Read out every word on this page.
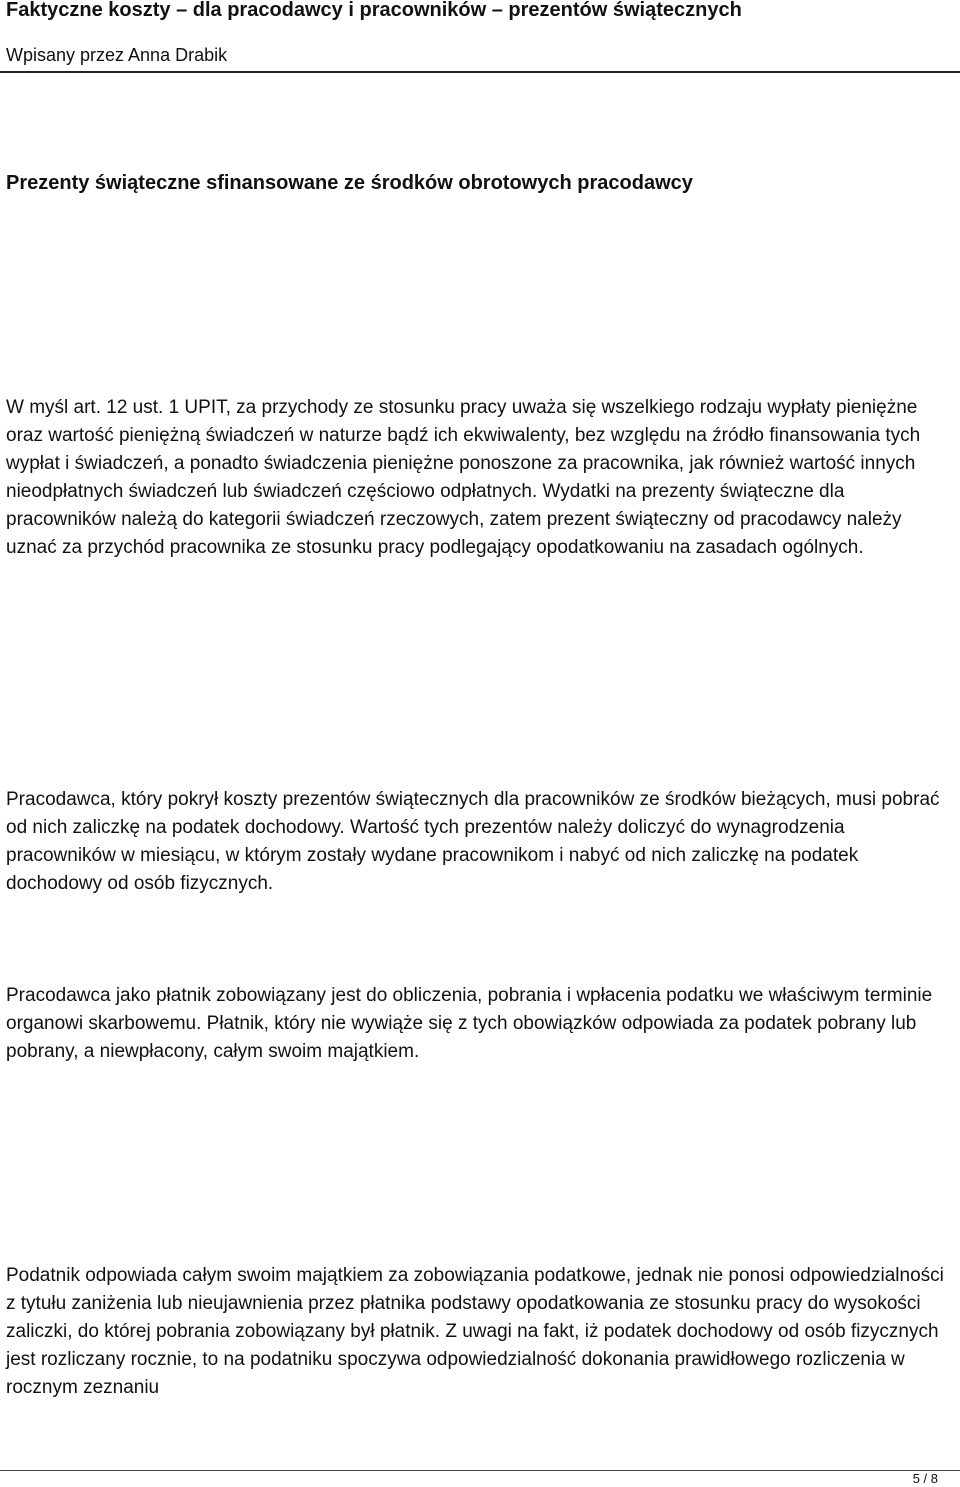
Faktyczne koszty – dla pracodawcy i pracowników – prezentów świątecznych

Wpisany przez Anna Drabik

Prezenty świąteczne sfinansowane ze środków obrotowych pracodawcy

W myśl art. 12 ust. 1 UPIT, za przychody ze stosunku pracy uważa się wszelkiego rodzaju wypłaty pieniężne oraz wartość pieniężną świadczeń w naturze bądź ich ekwiwalenty, bez względu na źródło finansowania tych wypłat i świadczeń, a ponadto świadczenia pieniężne ponoszone za pracownika, jak również wartość innych nieodpłatnych świadczeń lub świadczeń częściowo odpłatnych. Wydatki na prezenty świąteczne dla pracowników należą do kategorii świadczeń rzeczowych, zatem prezent świąteczny od pracodawcy należy uznać za przychód pracownika ze stosunku pracy podlegający opodatkowaniu na zasadach ogólnych.

Pracodawca, który pokrył koszty prezentów świątecznych dla pracowników ze środków bieżących, musi pobrać od nich zaliczkę na podatek dochodowy. Wartość tych prezentów należy doliczyć do wynagrodzenia pracowników w miesiącu, w którym zostały wydane pracownikom i nabyć od nich zaliczkę na podatek dochodowy od osób fizycznych.

Pracodawca jako płatnik zobowiązany jest do obliczenia, pobrania i wpłacenia podatku we właściwym terminie organowi skarbowemu. Płatnik, który nie wywiąże się z tych obowiązków odpowiada za podatek pobrany lub pobrany, a niewpłacony, całym swoim majątkiem.

Podatnik odpowiada całym swoim majątkiem za zobowiązania podatkowe, jednak nie ponosi odpowiedzialności z tytułu zaniżenia lub nieujawnienia przez płatnika podstawy opodatkowania ze stosunku pracy do wysokości zaliczki, do której pobrania zobowiązany był płatnik. Z uwagi na fakt, iż podatek dochodowy od osób fizycznych jest rozliczany rocznie, to na podatniku spoczywa odpowiedzialność dokonania prawidłowego rozliczenia w rocznym zeznaniu

5 / 8
